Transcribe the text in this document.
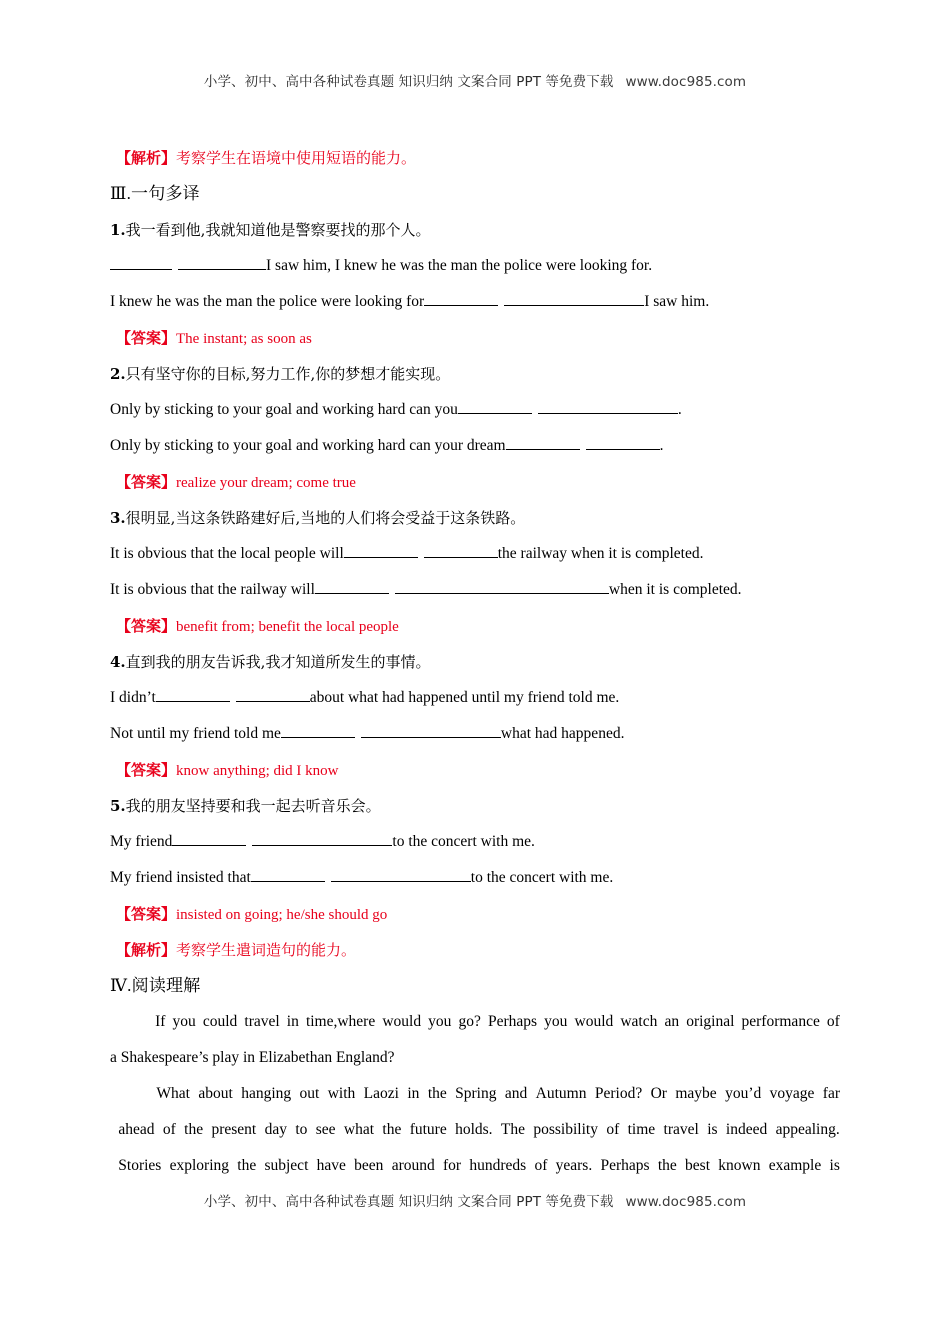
小学、初中、高中各种试卷真题 知识归纳 文案合同 PPT 等免费下载 www.doc985.com
【解析】考察学生在语境中使用短语的能力。
Ⅲ.一句多译
1.我一看到他,我就知道他是警察要找的那个人。
I saw him, I knew he was the man the police were looking for.
I knew he was the man the police were looking for	I saw him.
【答案】The instant; as soon as
2.只有坚守你的目标,努力工作,你的梦想才能实现。
Only by sticking to your goal and working hard can you	.
Only by sticking to your goal and working hard can your dream	.
【答案】realize your dream; come true
3.很明显,当这条铁路建好后,当地的人们将会受益于这条铁路。
It is obvious that the local people will	the railway when it is completed.
It is obvious that the railway will	when it is completed.
【答案】benefit from; benefit the local people
4.直到我的朋友告诉我,我才知道所发生的事情。
I didn’t	about what had happened until my friend told me.
Not until my friend told me	what had happened.
【答案】know anything; did I know
5.我的朋友坚持要和我一起去听音乐会。
My friend	to the concert with me.
My friend insisted that	to the concert with me.
【答案】insisted on going; he/she should go
【解析】考察学生遣词造句的能力。
Ⅳ.阅读理解
If you could travel in time,where would you go? Perhaps you would watch an original performance of
a Shakespeare’s play in Elizabethan England?
What about hanging out with Laozi in the Spring and Autumn Period? Or maybe you’d voyage far
ahead of the present day to see what the future holds. The possibility of time travel is indeed appealing.
Stories exploring the subject have been around for hundreds of years. Perhaps the best known example is
小学、初中、高中各种试卷真题 知识归纳 文案合同 PPT 等免费下载 www.doc985.com
